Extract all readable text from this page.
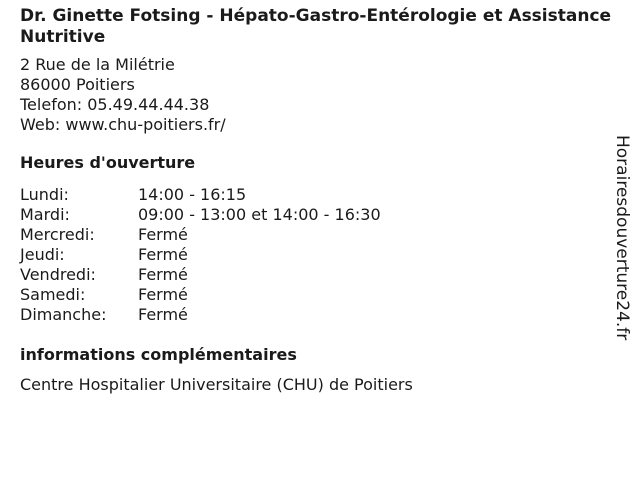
Dr. Ginette Fotsing - Hépato-Gastro-Entérologie et Assistance Nutritive
2 Rue de la Milétrie
86000 Poitiers
Telefon: 05.49.44.44.38
Web: www.chu-poitiers.fr/
Heures d'ouverture
Lundi:	14:00 - 16:15
Mardi:	09:00 - 13:00 et 14:00 - 16:30
Mercredi:	Fermé
Jeudi:	Fermé
Vendredi:	Fermé
Samedi:	Fermé
Dimanche: Fermé
informations complémentaires
Centre Hospitalier Universitaire (CHU) de Poitiers
Horairesdouverture24.fr
